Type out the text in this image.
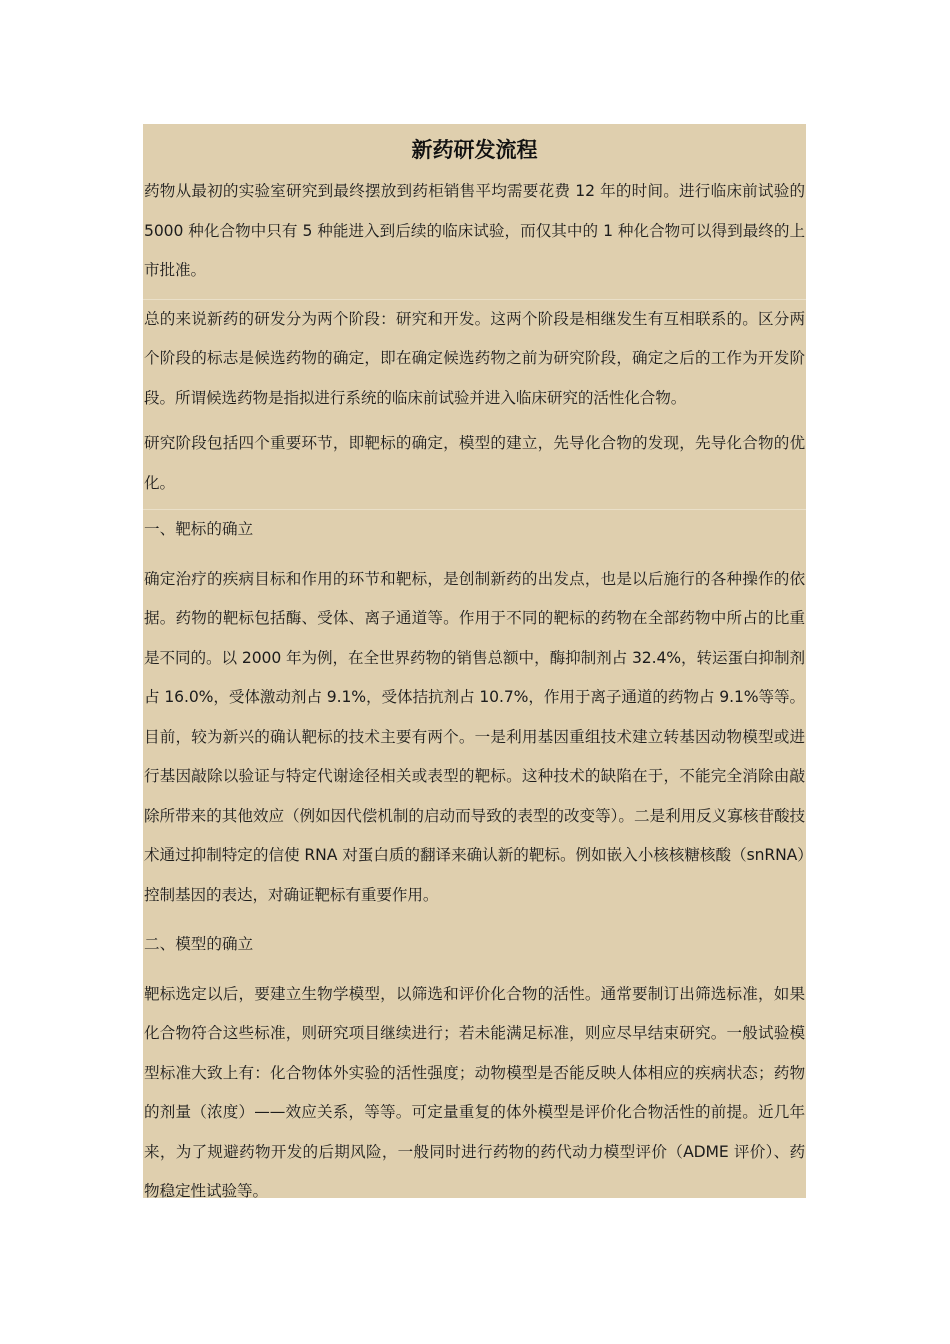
新药研发流程

药物从最初的实验室研究到最终摆放到药柜销售平均需要花费 12 年的时间。进行临床前试验的 5000 种化合物中只有 5 种能进入到后续的临床试验，而仅其中的 1 种化合物可以得到最终的上市批准。

总的来说新药的研发分为两个阶段：研究和开发。这两个阶段是相继发生有互相联系的。区分两个阶段的标志是候选药物的确定，即在确定候选药物之前为研究阶段，确定之后的工作为开发阶段。所谓候选药物是指拟进行系统的临床前试验并进入临床研究的活性化合物。

研究阶段包括四个重要环节，即靶标的确定，模型的建立，先导化合物的发现，先导化合物的优化。

一、靶标的确立

确定治疗的疾病目标和作用的环节和靶标，是创制新药的出发点，也是以后施行的各种操作的依据。药物的靶标包括酶、受体、离子通道等。作用于不同的靶标的药物在全部药物中所占的比重是不同的。以 2000 年为例，在全世界药物的销售总额中，酶抑制剂占 32.4%，转运蛋白抑制剂占 16.0%，受体激动剂占 9.1%，受体拮抗剂占 10.7%，作用于离子通道的药物占 9.1%等等。目前，较为新兴的确认靶标的技术主要有两个。一是利用基因重组技术建立转基因动物模型或进行基因敲除以验证与特定代谢途径相关或表型的靶标。这种技术的缺陷在于，不能完全消除由敲除所带来的其他效应（例如因代偿机制的启动而导致的表型的改变等）。二是利用反义寡核苷酸技术通过抑制特定的信使 RNA 对蛋白质的翻译来确认新的靶标。例如嵌入小核核糖核酸（snRNA）控制基因的表达，对确证靶标有重要作用。

二、模型的确立

靶标选定以后，要建立生物学模型，以筛选和评价化合物的活性。通常要制订出筛选标准，如果化合物符合这些标准，则研究项目继续进行；若未能满足标准，则应尽早结束研究。一般试验模型标准大致上有：化合物体外实验的活性强度；动物模型是否能反映人体相应的疾病状态；药物的剂量（浓度）——效应关系，等等。可定量重复的体外模型是评价化合物活性的前提。近几年来，为了规避药物开发的后期风险，一般同时进行药物的药代动力模型评价（ADME 评价）、药物稳定性试验等。
